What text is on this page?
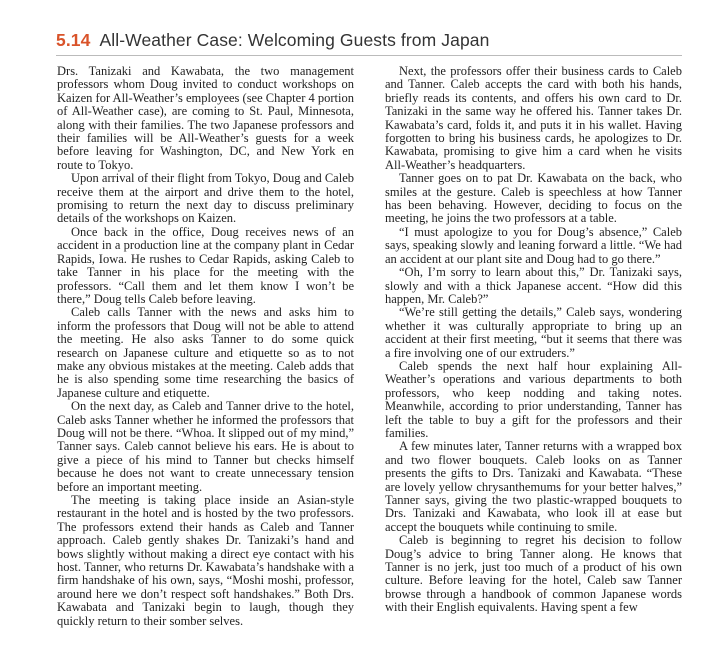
5.14 All-Weather Case: Welcoming Guests from Japan

Drs. Tanizaki and Kawabata, the two management professors whom Doug invited to conduct workshops on Kaizen for All-Weather’s employees (see Chapter 4 portion of All-Weather case), are coming to St. Paul, Minnesota, along with their families. The two Japanese professors and their families will be All-Weather’s guests for a week before leaving for Washington, DC, and New York en route to Tokyo.

Upon arrival of their flight from Tokyo, Doug and Caleb receive them at the airport and drive them to the hotel, promising to return the next day to discuss preliminary details of the workshops on Kaizen.

Once back in the office, Doug receives news of an accident in a production line at the company plant in Cedar Rapids, Iowa. He rushes to Cedar Rapids, asking Caleb to take Tanner in his place for the meeting with the professors. “Call them and let them know I won’t be there,” Doug tells Caleb before leaving.

Caleb calls Tanner with the news and asks him to inform the professors that Doug will not be able to attend the meeting. He also asks Tanner to do some quick research on Japanese culture and etiquette so as to not make any obvious mistakes at the meeting. Caleb adds that he is also spending some time researching the basics of Japanese culture and etiquette.

On the next day, as Caleb and Tanner drive to the hotel, Caleb asks Tanner whether he informed the professors that Doug will not be there. “Whoa. It slipped out of my mind,” Tanner says. Caleb cannot believe his ears. He is about to give a piece of his mind to Tanner but checks himself because he does not want to create unnecessary tension before an important meeting.

The meeting is taking place inside an Asian-style restaurant in the hotel and is hosted by the two professors. The professors extend their hands as Caleb and Tanner approach. Caleb gently shakes Dr. Tanizaki’s hand and bows slightly without making a direct eye contact with his host. Tanner, who returns Dr. Kawabata’s handshake with a firm handshake of his own, says, “Moshi moshi, professor, around here we don’t respect soft handshakes.” Both Drs. Kawabata and Tanizaki begin to laugh, though they quickly return to their somber selves.

Next, the professors offer their business cards to Caleb and Tanner. Caleb accepts the card with both his hands, briefly reads its contents, and offers his own card to Dr. Tanizaki in the same way he offered his. Tanner takes Dr. Kawabata’s card, folds it, and puts it in his wallet. Having forgotten to bring his business cards, he apologizes to Dr. Kawabata, promising to give him a card when he visits All-Weather’s headquarters.

Tanner goes on to pat Dr. Kawabata on the back, who smiles at the gesture. Caleb is speechless at how Tanner has been behaving. However, deciding to focus on the meeting, he joins the two professors at a table.

“I must apologize to you for Doug’s absence,” Caleb says, speaking slowly and leaning forward a little. “We had an accident at our plant site and Doug had to go there.”

“Oh, I’m sorry to learn about this,” Dr. Tanizaki says, slowly and with a thick Japanese accent. “How did this happen, Mr. Caleb?”

“We’re still getting the details,” Caleb says, wondering whether it was culturally appropriate to bring up an accident at their first meeting, “but it seems that there was a fire involving one of our extruders.”

Caleb spends the next half hour explaining All-Weather’s operations and various departments to both professors, who keep nodding and taking notes. Meanwhile, according to prior understanding, Tanner has left the table to buy a gift for the professors and their families.

A few minutes later, Tanner returns with a wrapped box and two flower bouquets. Caleb looks on as Tanner presents the gifts to Drs. Tanizaki and Kawabata. “These are lovely yellow chrysanthemums for your better halves,” Tanner says, giving the two plastic-wrapped bouquets to Drs. Tanizaki and Kawabata, who look ill at ease but accept the bouquets while continuing to smile.

Caleb is beginning to regret his decision to follow Doug’s advice to bring Tanner along. He knows that Tanner is no jerk, just too much of a product of his own culture. Before leaving for the hotel, Caleb saw Tanner browse through a handbook of common Japanese words with their English equivalents. Having spent a few
